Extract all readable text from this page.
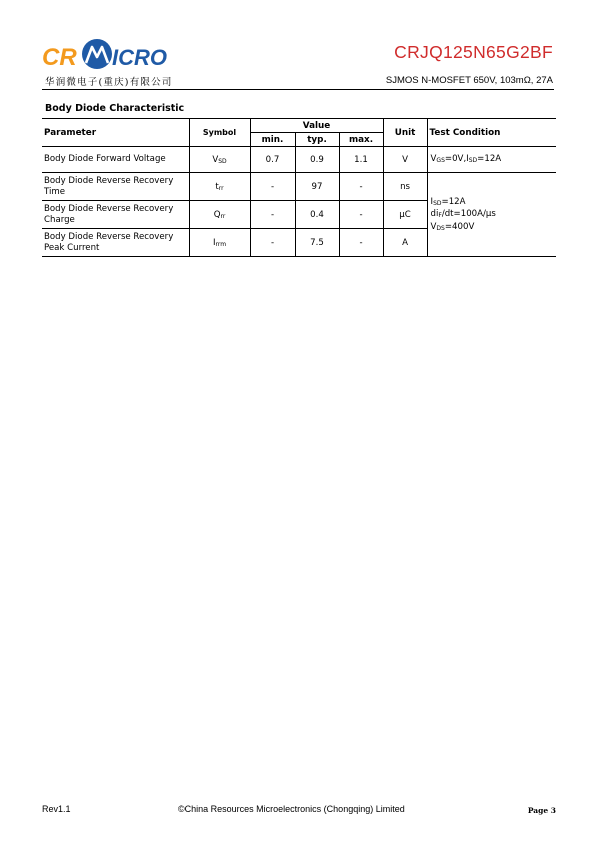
CR ICRO
华润微电子(重庆)有限公司
CRJQ125N65G2BF
SJMOS N-MOSFET 650V, 103mΩ, 27A
Body Diode Characteristic
Parameter	Symbol	Value			Unit	Test Condition
		min.	typ.	max.		
Body Diode Forward Voltage	$V_{SD}$	0.7	0.9	1.1	V	$V_{GS}=0V,I_{SD}=12A$
Body Diode Reverse Recovery Time	$t_{rr}$	-	97	-	ns	$I_{SD}=12A$
$di_F/dt=100A/\mu s$
$V_{DS}=400V$

Body Diode Reverse Recovery Charge	$Q_{rr}$	-	0.4	-	μC	
Body Diode Reverse Recovery Peak Current	$I_{rrm}$	-	7.5	-	A	
Rev1.1	©China Resources Microelectronics (Chongqing) Limited	Page 3
